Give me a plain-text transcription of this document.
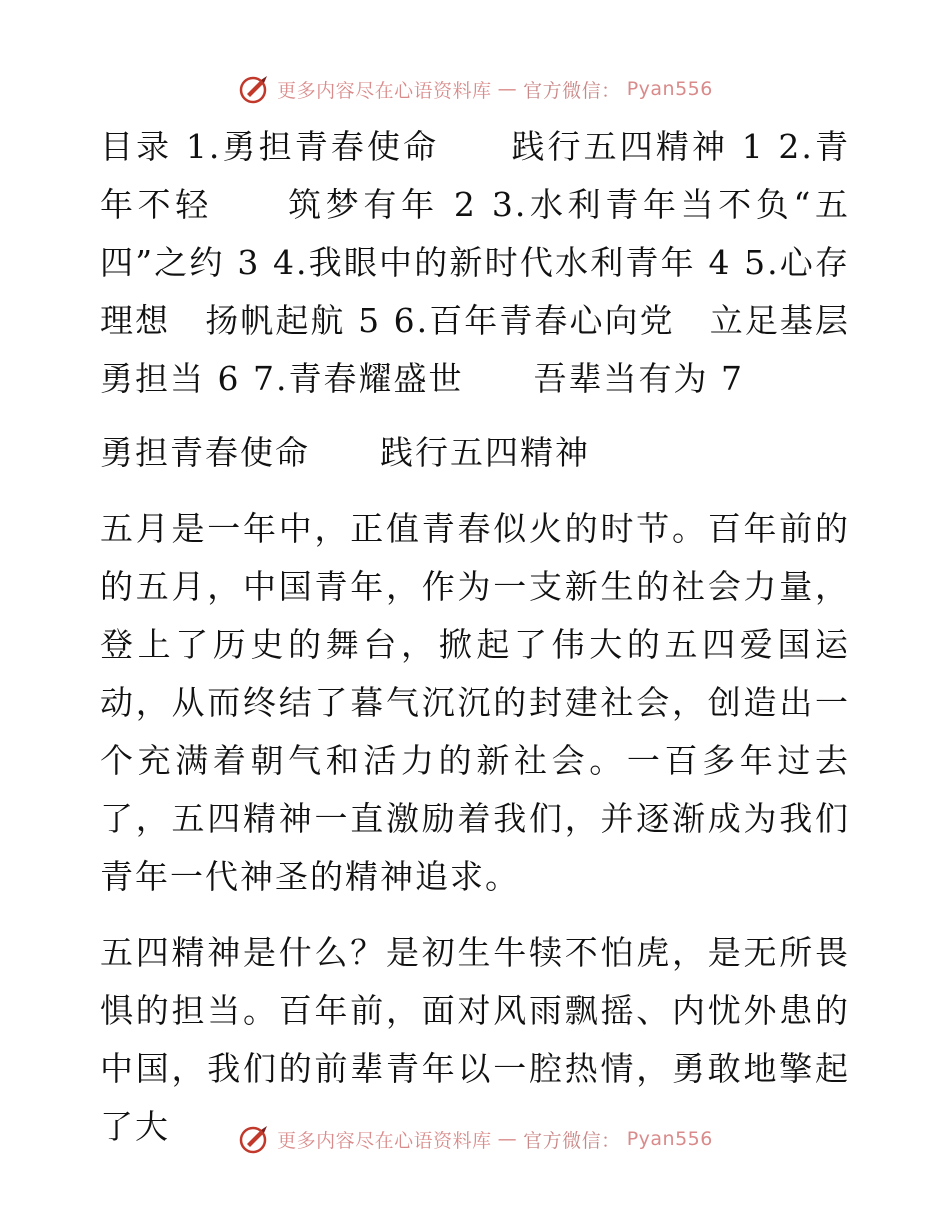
更多内容尽在心语资料库 — 官方微信： Pyan556

目录 1.勇担青春使命　　践行五四精神 1 2.青年不轻　　筑梦有年 2 3.水利青年当不负“五四”之约 3 4.我眼中的新时代水利青年 4 5.心存理想　扬帆起航 5 6.百年青春心向党　立足基层勇担当 6 7.青春耀盛世　　吾辈当有为 7

勇担青春使命　　践行五四精神

五月是一年中，正值青春似火的时节。百年前的的五月，中国青年，作为一支新生的社会力量，登上了历史的舞台，掀起了伟大的五四爱国运动，从而终结了暮气沉沉的封建社会，创造出一个充满着朝气和活力的新社会。一百多年过去了，五四精神一直激励着我们，并逐渐成为我们青年一代神圣的精神追求。

五四精神是什么？是初生牛犊不怕虎，是无所畏惧的担当。百年前，面对风雨飘摇、内忧外患的中国，我们的前辈青年以一腔热情，勇敢地擎起了大	更多内容尽在心语资料库 — 官方微信： Pyan556
